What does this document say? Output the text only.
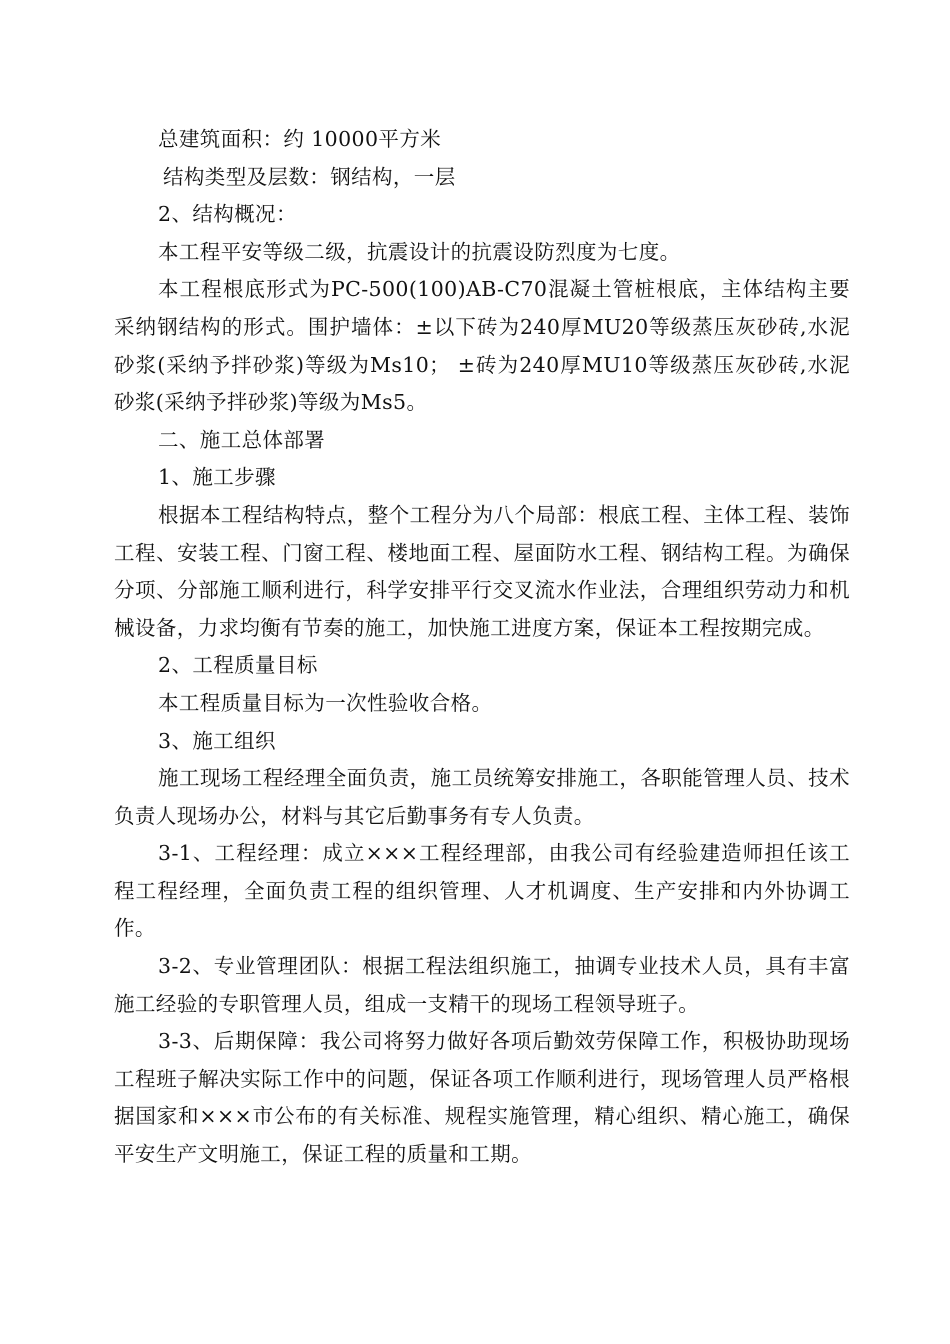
总建筑面积：约 10000平方米

结构类型及层数：钢结构，一层

2、结构概况：

本工程平安等级二级，抗震设计的抗震设防烈度为七度。

本工程根底形式为PC-500(100)AB-C70混凝土管桩根底，主体结构主要采纳钢结构的形式。围护墙体：±以下砖为240厚MU20等级蒸压灰砂砖,水泥砂浆(采纳予拌砂浆)等级为Ms10； ±砖为240厚MU10等级蒸压灰砂砖,水泥砂浆(采纳予拌砂浆)等级为Ms5。

二、施工总体部署

1、施工步骤

根据本工程结构特点，整个工程分为八个局部：根底工程、主体工程、装饰工程、安装工程、门窗工程、楼地面工程、屋面防水工程、钢结构工程。为确保分项、分部施工顺利进行，科学安排平行交叉流水作业法，合理组织劳动力和机械设备，力求均衡有节奏的施工，加快施工进度方案，保证本工程按期完成。

2、工程质量目标

本工程质量目标为一次性验收合格。

3、施工组织

施工现场工程经理全面负责，施工员统筹安排施工，各职能管理人员、技术负责人现场办公，材料与其它后勤事务有专人负责。

3-1、工程经理：成立×××工程经理部，由我公司有经验建造师担任该工程工程经理，全面负责工程的组织管理、人才机调度、生产安排和内外协调工作。

3-2、专业管理团队：根据工程法组织施工，抽调专业技术人员，具有丰富施工经验的专职管理人员，组成一支精干的现场工程领导班子。

3-3、后期保障：我公司将努力做好各项后勤效劳保障工作，积极协助现场工程班子解决实际工作中的问题，保证各项工作顺利进行，现场管理人员严格根据国家和×××市公布的有关标准、规程实施管理，精心组织、精心施工，确保平安生产文明施工，保证工程的质量和工期。
